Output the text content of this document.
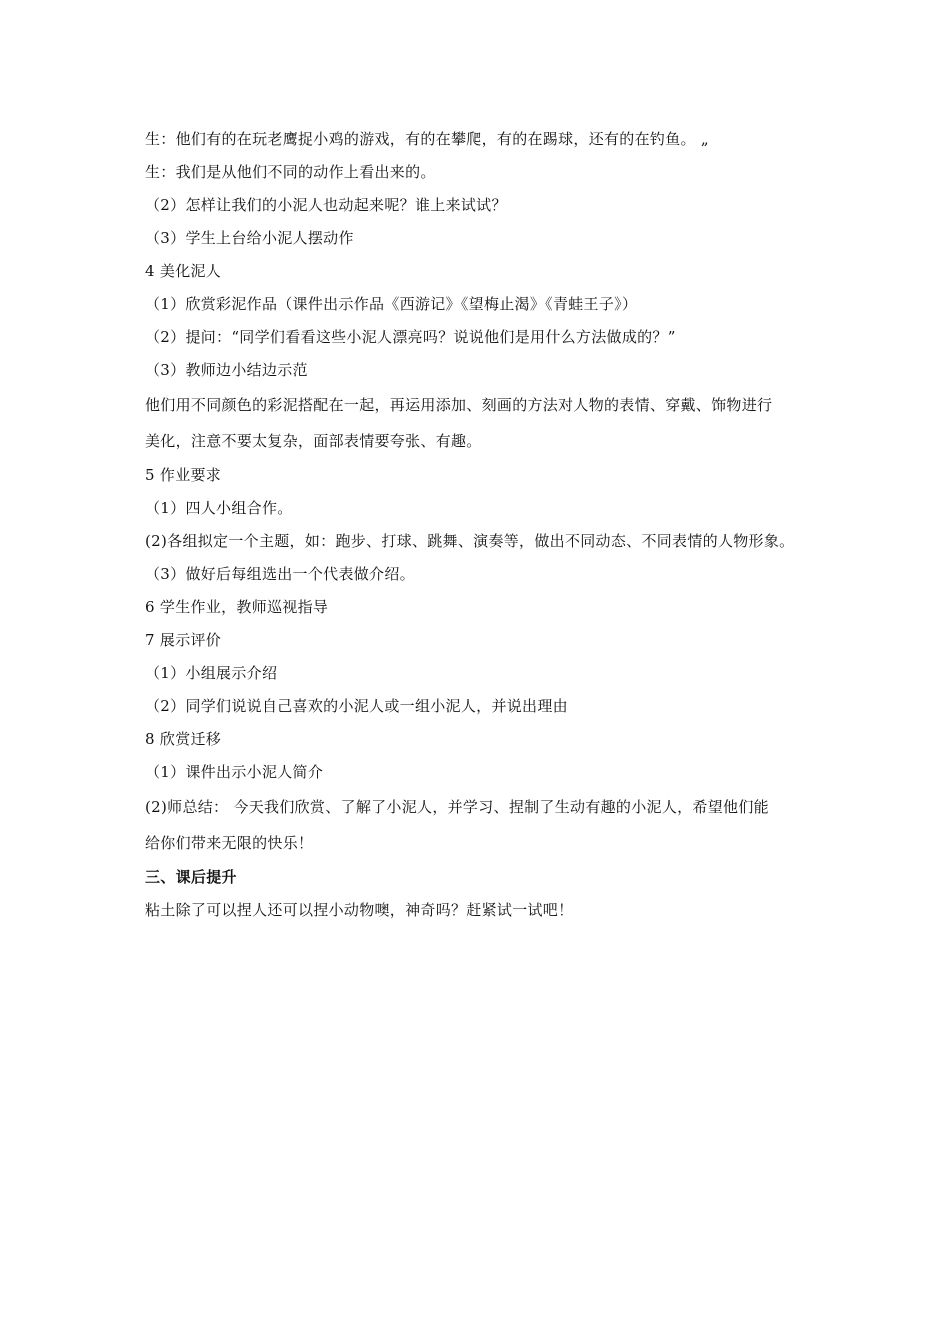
生：他们有的在玩老鹰捉小鸡的游戏，有的在攀爬，有的在踢球，还有的在钓鱼。 „
生：我们是从他们不同的动作上看出来的。
（2）怎样让我们的小泥人也动起来呢？谁上来试试？
（3）学生上台给小泥人摆动作
4 美化泥人
（1）欣赏彩泥作品（课件出示作品《西游记》《望梅止渴》《青蛙王子》）
（2）提问：“同学们看看这些小泥人漂亮吗？说说他们是用什么方法做成的？”
（3）教师边小结边示范
他们用不同颜色的彩泥搭配在一起，再运用添加、刻画的方法对人物的表情、穿戴、饰物进行
美化，注意不要太复杂，面部表情要夸张、有趣。
5 作业要求
（1）四人小组合作。
(2)各组拟定一个主题，如：跑步、打球、跳舞、演奏等，做出不同动态、不同表情的人物形象。
（3）做好后每组选出一个代表做介绍。
6 学生作业，教师巡视指导
7 展示评价
（1）小组展示介绍
（2）同学们说说自己喜欢的小泥人或一组小泥人，并说出理由
8 欣赏迁移
（1）课件出示小泥人简介
(2)师总结： 今天我们欣赏、了解了小泥人，并学习、捏制了生动有趣的小泥人，希望他们能
给你们带来无限的快乐！
三、课后提升
粘土除了可以捏人还可以捏小动物噢，神奇吗？赶紧试一试吧！
